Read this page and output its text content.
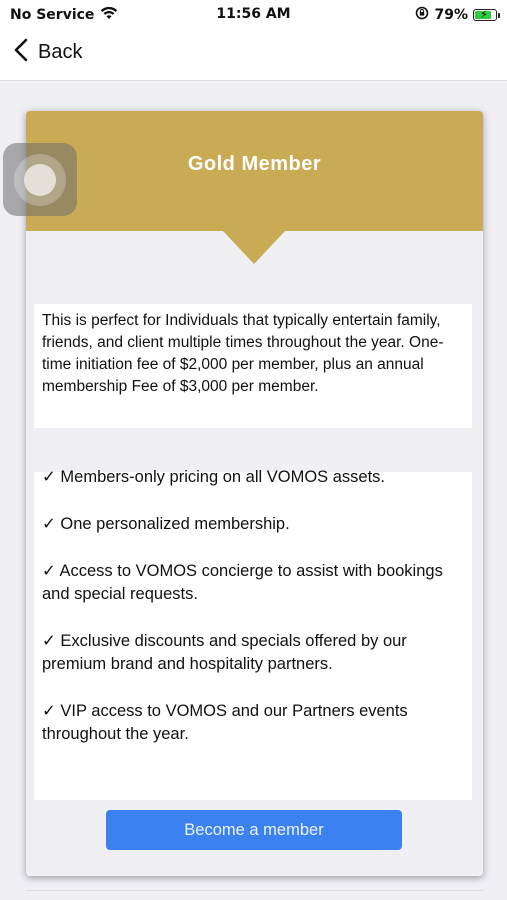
No Service	11:56 AM	79% ⚡
Back
Gold Member
This is perfect for Individuals that typically entertain family, friends, and client multiple times throughout the year. One-time initiation fee of $2,000 per member, plus an annual membership Fee of $3,000 per member.
✓ Members-only pricing on all VOMOS assets.
✓ One personalized membership.
✓ Access to VOMOS concierge to assist with bookings and special requests.
✓ Exclusive discounts and specials offered by our premium brand and hospitality partners.
✓ VIP access to VOMOS and our Partners events throughout the year.
Become a member
